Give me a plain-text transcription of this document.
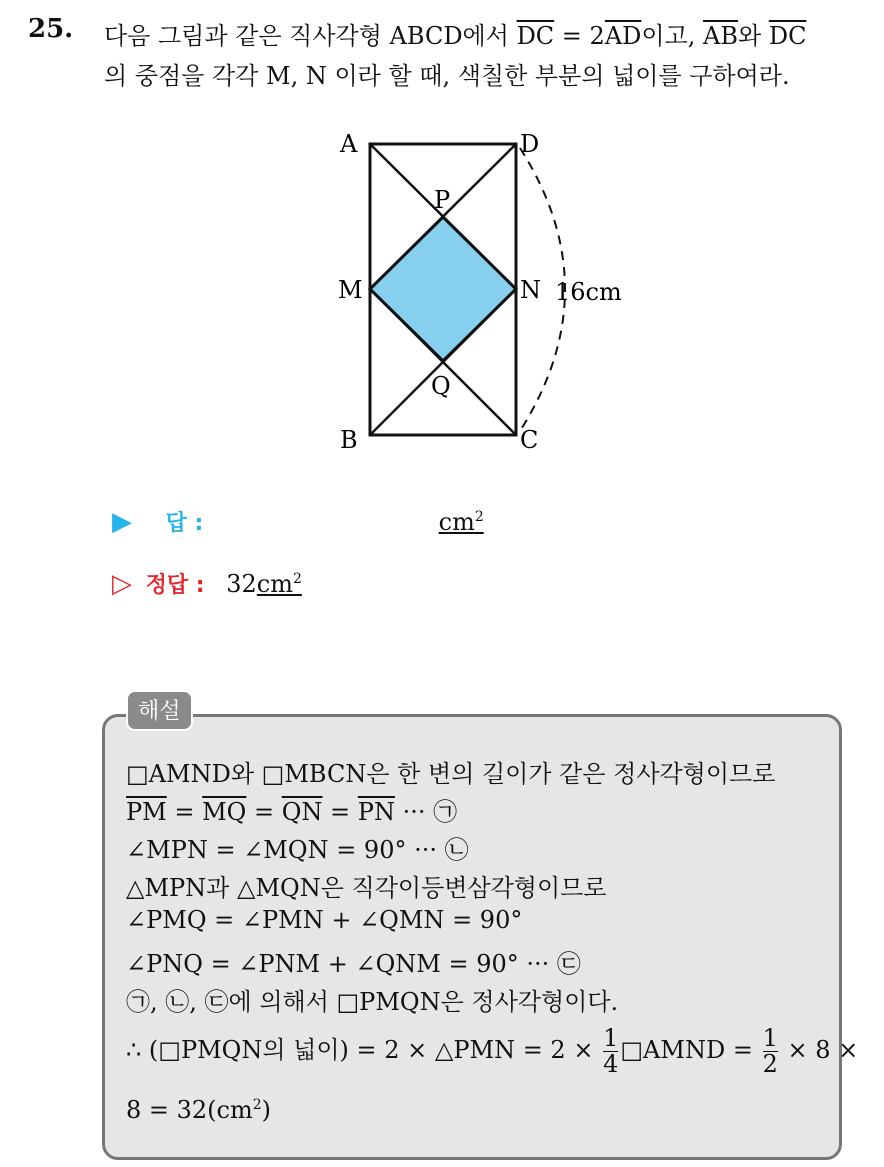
25. 다음 그림과 같은 직사각형 ABCD에서 $\overline{DC} = 2\overline{AD}$이고, $\overline{AB}$와 $\overline{DC}$
의 중점을 각각 M, N 이라 할 때, 색칠한 부분의 넓이를 구하여라.
A	D
P
M	N
Q
B	C
16cm
▶ 답 :	$cm^2$
▷ 정답 : $32cm^2$
해설
□AMND와 □MBCN은 한 변의 길이가 같은 정사각형이므로
$\overline{PM} = \overline{MQ} = \overline{QN} = \overline{PN}$ ··· ㉠
∠MPN = ∠MQN = 90° ··· ㉡
△MPN과 △MQN은 직각이등변삼각형이므로
∠PMQ = ∠PMN + ∠QMN = 90°
∠PNQ = ∠PNM + ∠QNM = 90° ··· ㉢
㉠, ㉡, ㉢에 의해서 □PMQN은 정사각형이다.
∴ (□PMQN의 넓이) = 2 × △PMN = $2 \times \frac{1}{4}$ □AMND = $\frac{1}{2} \times 8$ ×
$8 = 32(cm^2)$
